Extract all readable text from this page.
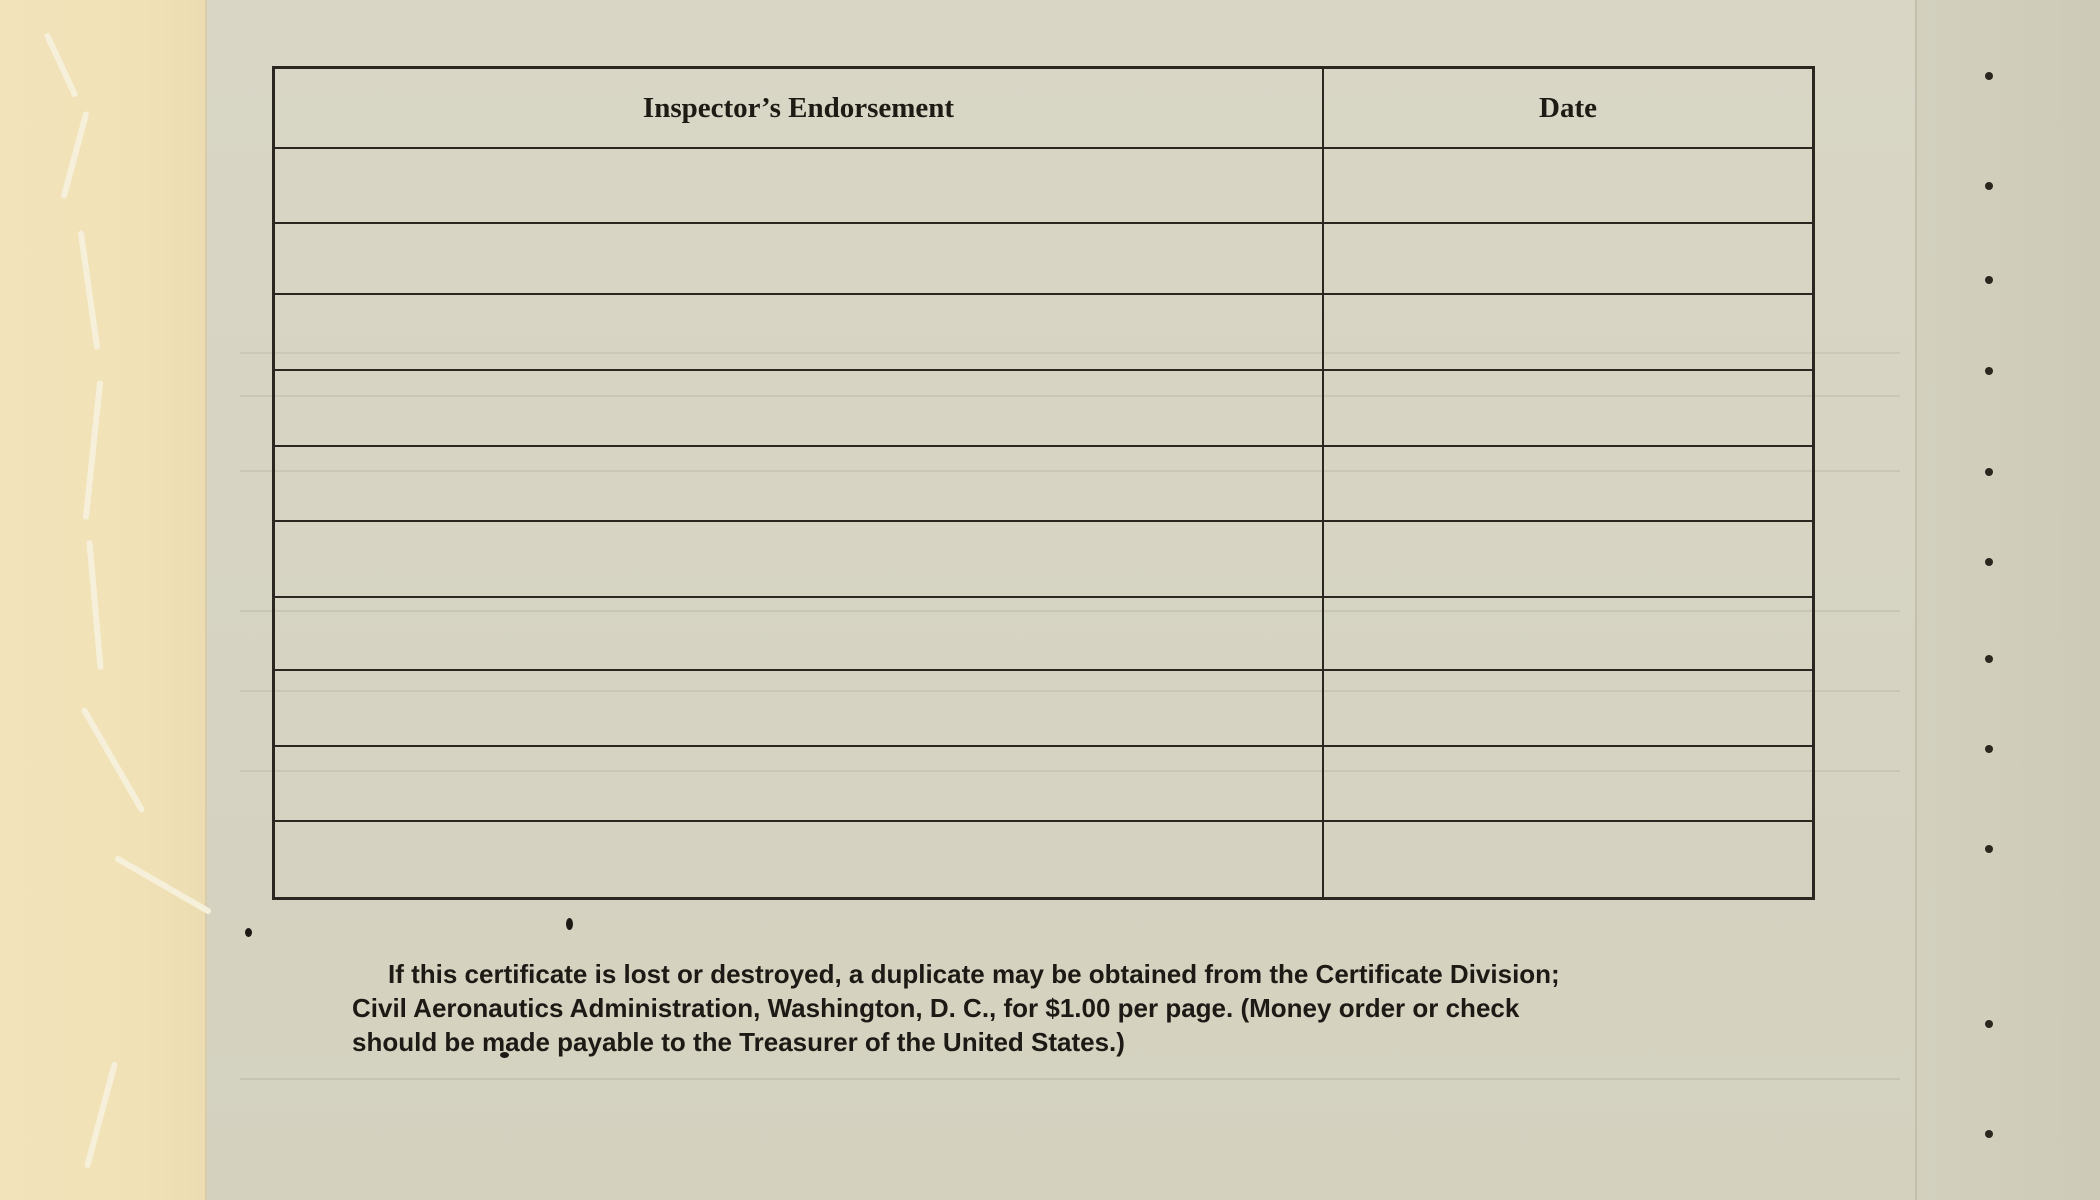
Inspector’s Endorsement	Date

If this certificate is lost or destroyed, a duplicate may be obtained from the Certificate Division;

Civil Aeronautics Administration, Washington, D. C., for $1.00 per page. (Money order or check

should be made payable to the Treasurer of the United States.)
